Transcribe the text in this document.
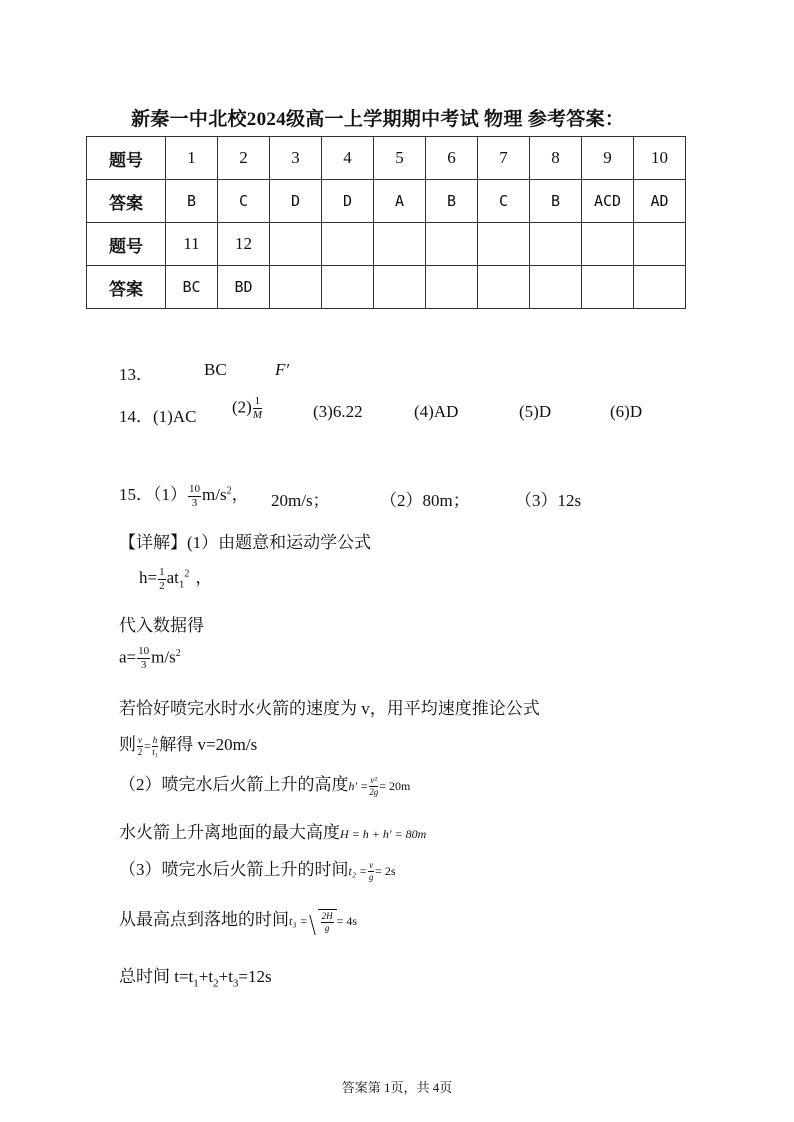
新秦一中北校2024级高一上学期期中考试 物理 参考答案：
题号	1	2	3	4	5	6	7	8	9	10
答案	B	C	D	D	A	B	C	B	ACD	AD
题号	11	12								
答案	BC	BD								
13．	BC	F′
14．(1)AC
$(2) \frac{1}{M}$	(3)6.22	(4)AD	(5)D	(6)D
15．$(1) \frac{10}{3} m/s^2$， 20m/s；	（2）80m；	（3）12s
【详解】(1）由题意和运动学公式
$h= \frac{1}{2} at_1^2$ ，
代入数据得
$a= \frac{10}{3} m/s^2$
若恰好喷完水时水火箭的速度为 v，用平均速度推论公式
则 $\frac{v}{2} = \frac{h}{\text{t₁}}$ 解得 v=20m/s
（2）喷完水后火箭上升的高度$h' = \frac{\text{v²}}{2g} = 20m$
水火箭上升离地面的最大高度H = h + h′ = 80m
（3）喷完水后火箭上升的时间$t_2 = \frac{v}{g} = 2s$
从最高点到落地的时间$t_3 = \frac{2H}{g} = 4s$
总时间 $t=t_1+t_2+t_3=12s$
答案第 1页，共 4页
